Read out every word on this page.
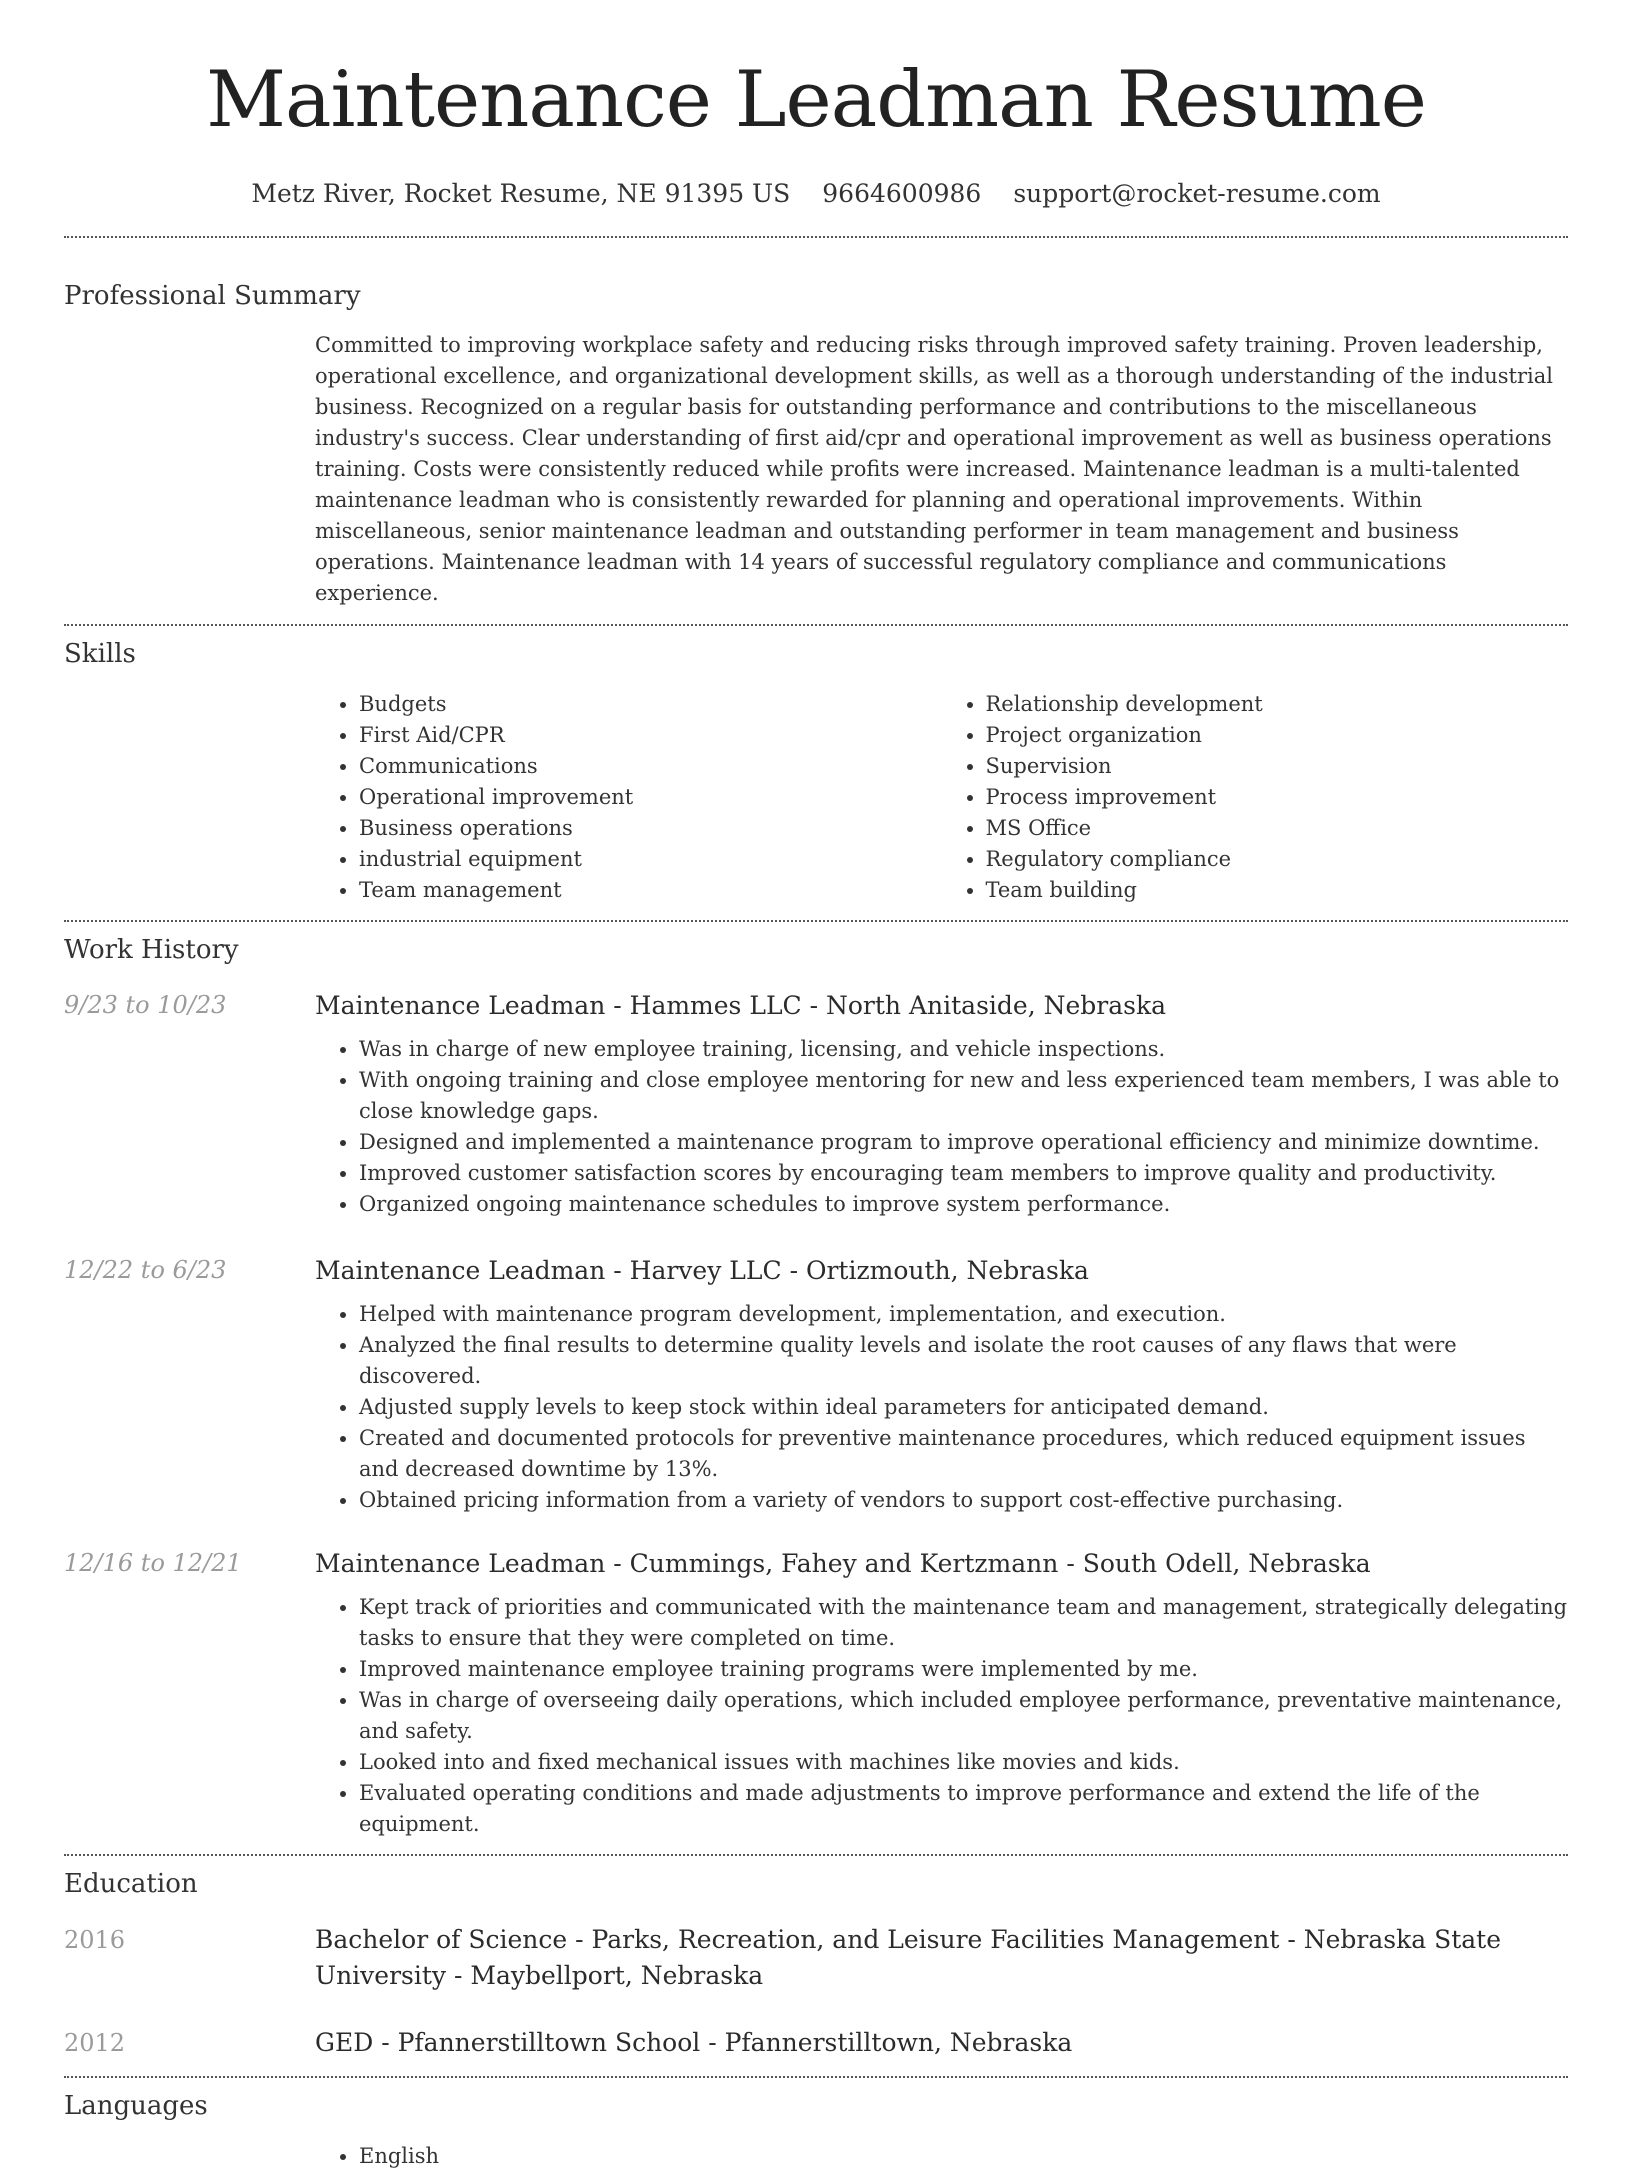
Maintenance Leadman Resume
Metz River, Rocket Resume, NE 91395 US 9664600986 support@rocket-resume.com
Professional Summary

Committed to improving workplace safety and reducing risks through improved safety training. Proven leadership, operational excellence, and organizational development skills, as well as a thorough understanding of the industrial business. Recognized on a regular basis for outstanding performance and contributions to the miscellaneous industry's success. Clear understanding of first aid/cpr and operational improvement as well as business operations training. Costs were consistently reduced while profits were increased. Maintenance leadman is a multi-talented maintenance leadman who is consistently rewarded for planning and operational improvements. Within miscellaneous, senior maintenance leadman and outstanding performer in team management and business operations. Maintenance leadman with 14 years of successful regulatory compliance and communications experience.

Skills
• Budgets
• First Aid/CPR
• Communications
• Operational improvement
• Business operations
• industrial equipment
• Team management
• Relationship development
• Project organization
• Supervision
• Process improvement
• MS Office
• Regulatory compliance
• Team building
Work History
9/23 to 10/23	Maintenance Leadman - Hammes LLC - North Anitaside, Nebraska

• Was in charge of new employee training, licensing, and vehicle inspections.
• With ongoing training and close employee mentoring for new and less experienced team members, I was able to close knowledge gaps.
• Designed and implemented a maintenance program to improve operational efficiency and minimize downtime.
• Improved customer satisfaction scores by encouraging team members to improve quality and productivity.
• Organized ongoing maintenance schedules to improve system performance.
12/22 to 6/23	Maintenance Leadman - Harvey LLC - Ortizmouth, Nebraska

• Helped with maintenance program development, implementation, and execution.
• Analyzed the final results to determine quality levels and isolate the root causes of any flaws that were discovered.
• Adjusted supply levels to keep stock within ideal parameters for anticipated demand.
• Created and documented protocols for preventive maintenance procedures, which reduced equipment issues and decreased downtime by 13%.
• Obtained pricing information from a variety of vendors to support cost-effective purchasing.
12/16 to 12/21	Maintenance Leadman - Cummings, Fahey and Kertzmann - South Odell, Nebraska

• Kept track of priorities and communicated with the maintenance team and management, strategically delegating tasks to ensure that they were completed on time.
• Improved maintenance employee training programs were implemented by me.
• Was in charge of overseeing daily operations, which included employee performance, preventative maintenance, and safety.
• Looked into and fixed mechanical issues with machines like movies and kids.
• Evaluated operating conditions and made adjustments to improve performance and extend the life of the equipment.
Education
2016	Bachelor of Science - Parks, Recreation, and Leisure Facilities Management - Nebraska State University - Maybellport, Nebraska

2012	GED - Pfannerstilltown School - Pfannerstilltown, Nebraska

Languages
• English
